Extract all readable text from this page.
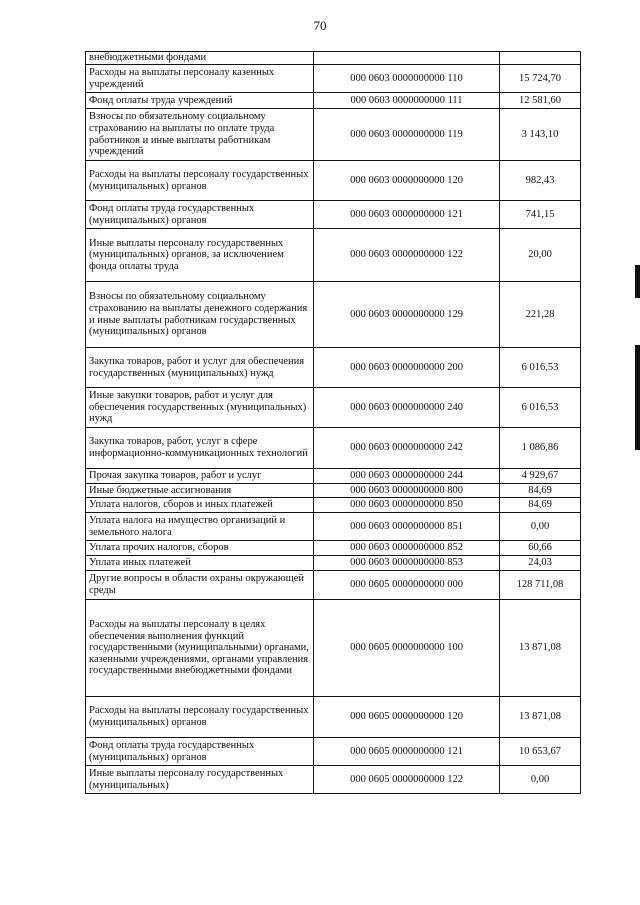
70
внебюджетными фондами		
Расходы на выплаты персоналу казенных учреждений	000 0603 0000000000 110	15 724,70
Фонд оплаты труда учреждений	000 0603 0000000000 111	12 581,60
Взносы по обязательному социальному страхованию на выплаты по оплате труда работников и иные выплаты работникам учреждений	000 0603 0000000000 119	3 143,10
Расходы на выплаты персоналу государственных (муниципальных) органов	000 0603 0000000000 120	982,43
Фонд оплаты труда государственных (муниципальных) органов	000 0603 0000000000 121	741,15
Иные выплаты персоналу государственных (муниципальных) органов, за исключением фонда оплаты труда	000 0603 0000000000 122	20,00
Взносы по обязательному социальному страхованию на выплаты денежного содержания и иные выплаты работникам государственных (муниципальных) органов	000 0603 0000000000 129	221,28
Закупка товаров, работ и услуг для обеспечения государственных (муниципальных) нужд	000 0603 0000000000 200	6 016,53
Иные закупки товаров, работ и услуг для обеспечения государственных (муниципальных) нужд	000 0603 0000000000 240	6 016,53
Закупка товаров, работ, услуг в сфере информационно-коммуникационных технологий	000 0603 0000000000 242	1 086,86
Прочая закупка товаров, работ и услуг	000 0603 0000000000 244	4 929,67
Иные бюджетные ассигнования	000 0603 0000000000 800	84,69
Уплата налогов, сборов и иных платежей	000 0603 0000000000 850	84,69
Уплата налога на имущество организаций и земельного налога	000 0603 0000000000 851	0,00
Уплата прочих налогов, сборов	000 0603 0000000000 852	60,66
Уплата иных платежей	000 0603 0000000000 853	24,03
Другие вопросы в области охраны окружающей среды	000 0605 0000000000 000	128 711,08
Расходы на выплаты персоналу в целях обеспечения выполнения функций государственными (муниципальными) органами, казенными учреждениями, органами управления государственными внебюджетными фондами	000 0605 0000000000 100	13 871,08
Расходы на выплаты персоналу государственных (муниципальных) органов	000 0605 0000000000 120	13 871,08
Фонд оплаты труда государственных (муниципальных) органов	000 0605 0000000000 121	10 653,67
Иные выплаты персоналу государственных (муниципальных)	000 0605 0000000000 122	0,00
